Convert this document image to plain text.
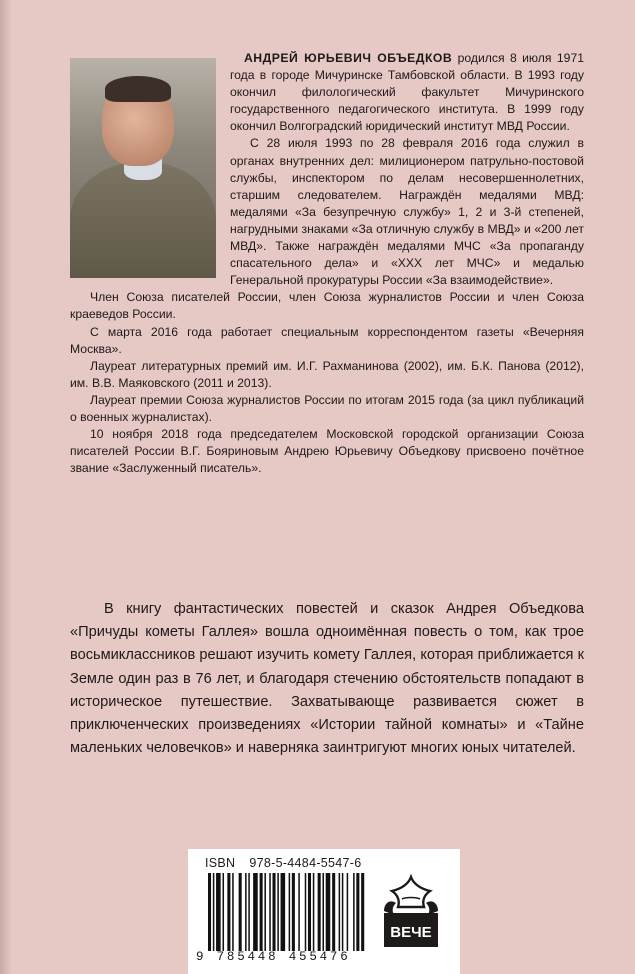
АНДРЕЙ ЮРЬЕВИЧ ОБЪЕДКОВ родился 8 июля 1971 года в городе Мичуринске Тамбовской области. В 1993 году окончил филологический факультет Мичуринского государственного педагогического института. В 1999 году окончил Волгоградский юридический институт МВД России.

С 28 июля 1993 по 28 февраля 2016 года служил в органах внутренних дел: милиционером патрульно-постовой службы, инспектором по делам несовершеннолетних, старшим следователем. Награждён медалями МВД: медалями «За безупречную службу» 1, 2 и 3-й степеней, нагрудными знаками «За отличную службу в МВД» и «200 лет МВД». Также награждён медалями МЧС «За пропаганду спасательного дела» и «XXX лет МЧС» и медалью Генеральной прокуратуры России «За взаимодействие».

Член Союза писателей России, член Союза журналистов России и член Союза краеведов России.

С марта 2016 года работает специальным корреспондентом газеты «Вечерняя Москва».

Лауреат литературных премий им. И.Г. Рахманинова (2002), им. Б.К. Панова (2012), им. В.В. Маяковского (2011 и 2013).

Лауреат премии Союза журналистов России по итогам 2015 года (за цикл публикаций о военных журналистах).

10 ноября 2018 года председателем Московской городской организации Союза писателей России В.Г. Бояриновым Андрею Юрьевичу Объедкову присвоено почётное звание «Заслуженный писатель».

В книгу фантастических повестей и сказок Андрея Объедкова «Причуды кометы Галлея» вошла одноимённая повесть о том, как трое восьмиклассников решают изучить комету Галлея, которая приближается к Земле один раз в 76 лет, и благодаря стечению обстоятельств попадают в историческое путешествие. Захватывающе развивается сюжет в приключенческих произведениях «Истории тайной комнаты» и «Тайне маленьких человечков» и наверняка заинтригуют многих юных читателей.

ISBN 978-5-4484-5547-6
9 785448 455476
ВЕЧЕ
